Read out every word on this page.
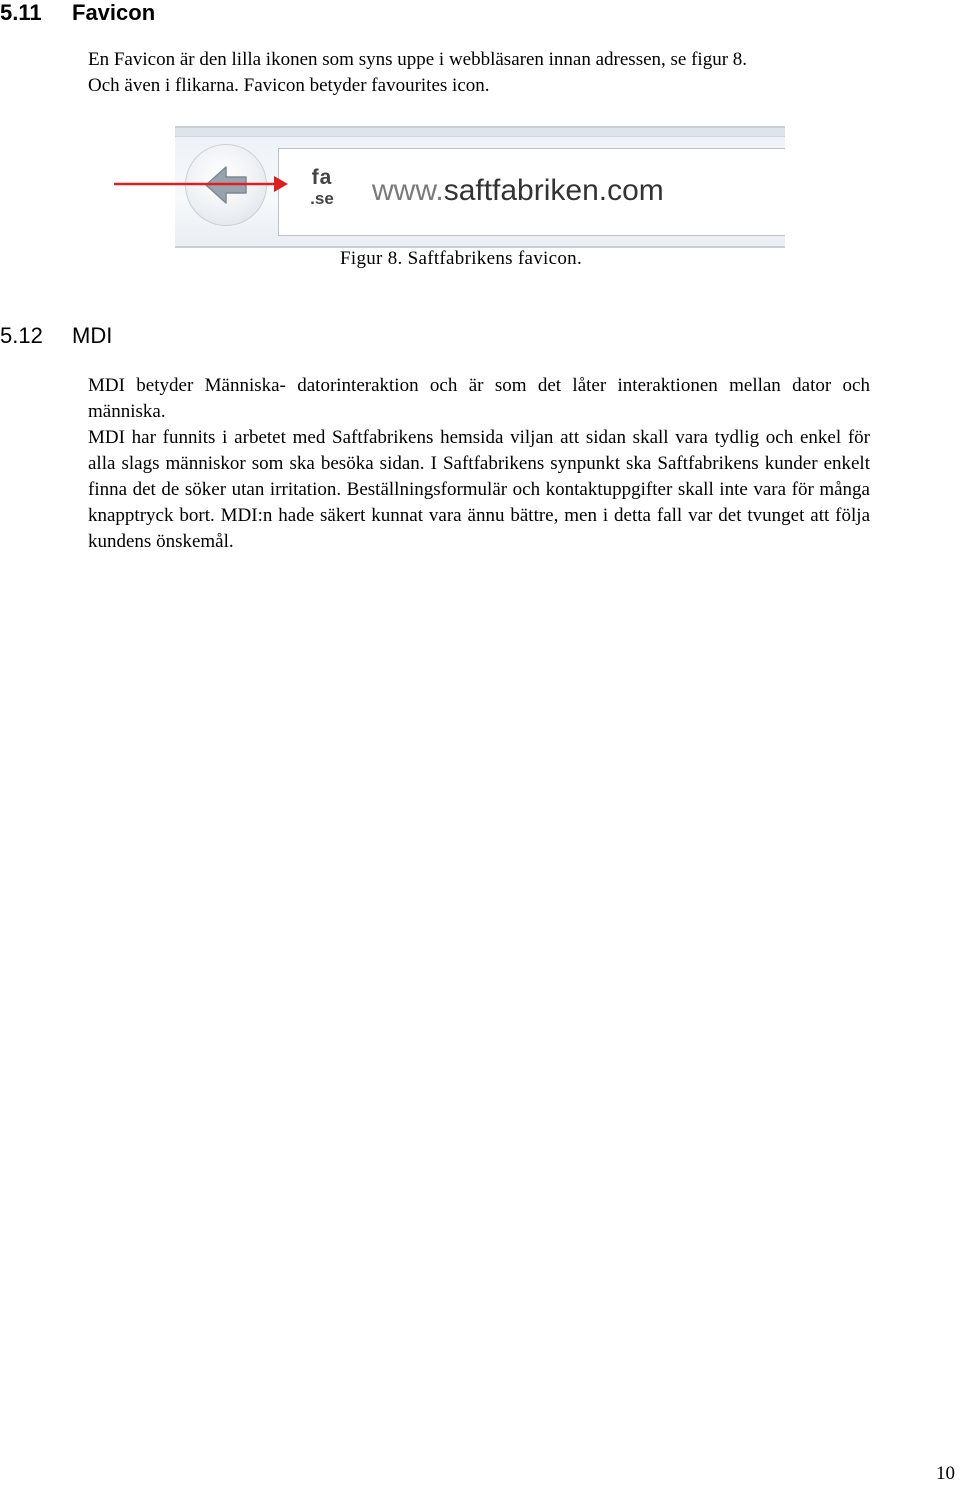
5.11 Favicon

En Favicon är den lilla ikonen som syns uppe i webbläsaren innan adressen, se figur 8.
Och även i flikarna. Favicon betyder favourites icon.

fa
.se	www.saftfabriken.com

Figur 8. Saftfabrikens favicon.

5.12 MDI

MDI betyder Människa- datorinteraktion och är som det låter interaktionen mellan dator och människa.

MDI har funnits i arbetet med Saftfabrikens hemsida viljan att sidan skall vara tydlig och enkel för alla slags människor som ska besöka sidan. I Saftfabrikens synpunkt ska Saftfabrikens kunder enkelt finna det de söker utan irritation. Beställningsformulär och kontaktuppgifter skall inte vara för många knapptryck bort. MDI:n hade säkert kunnat vara ännu bättre, men i detta fall var det tvunget att följa kundens önskemål.

10
